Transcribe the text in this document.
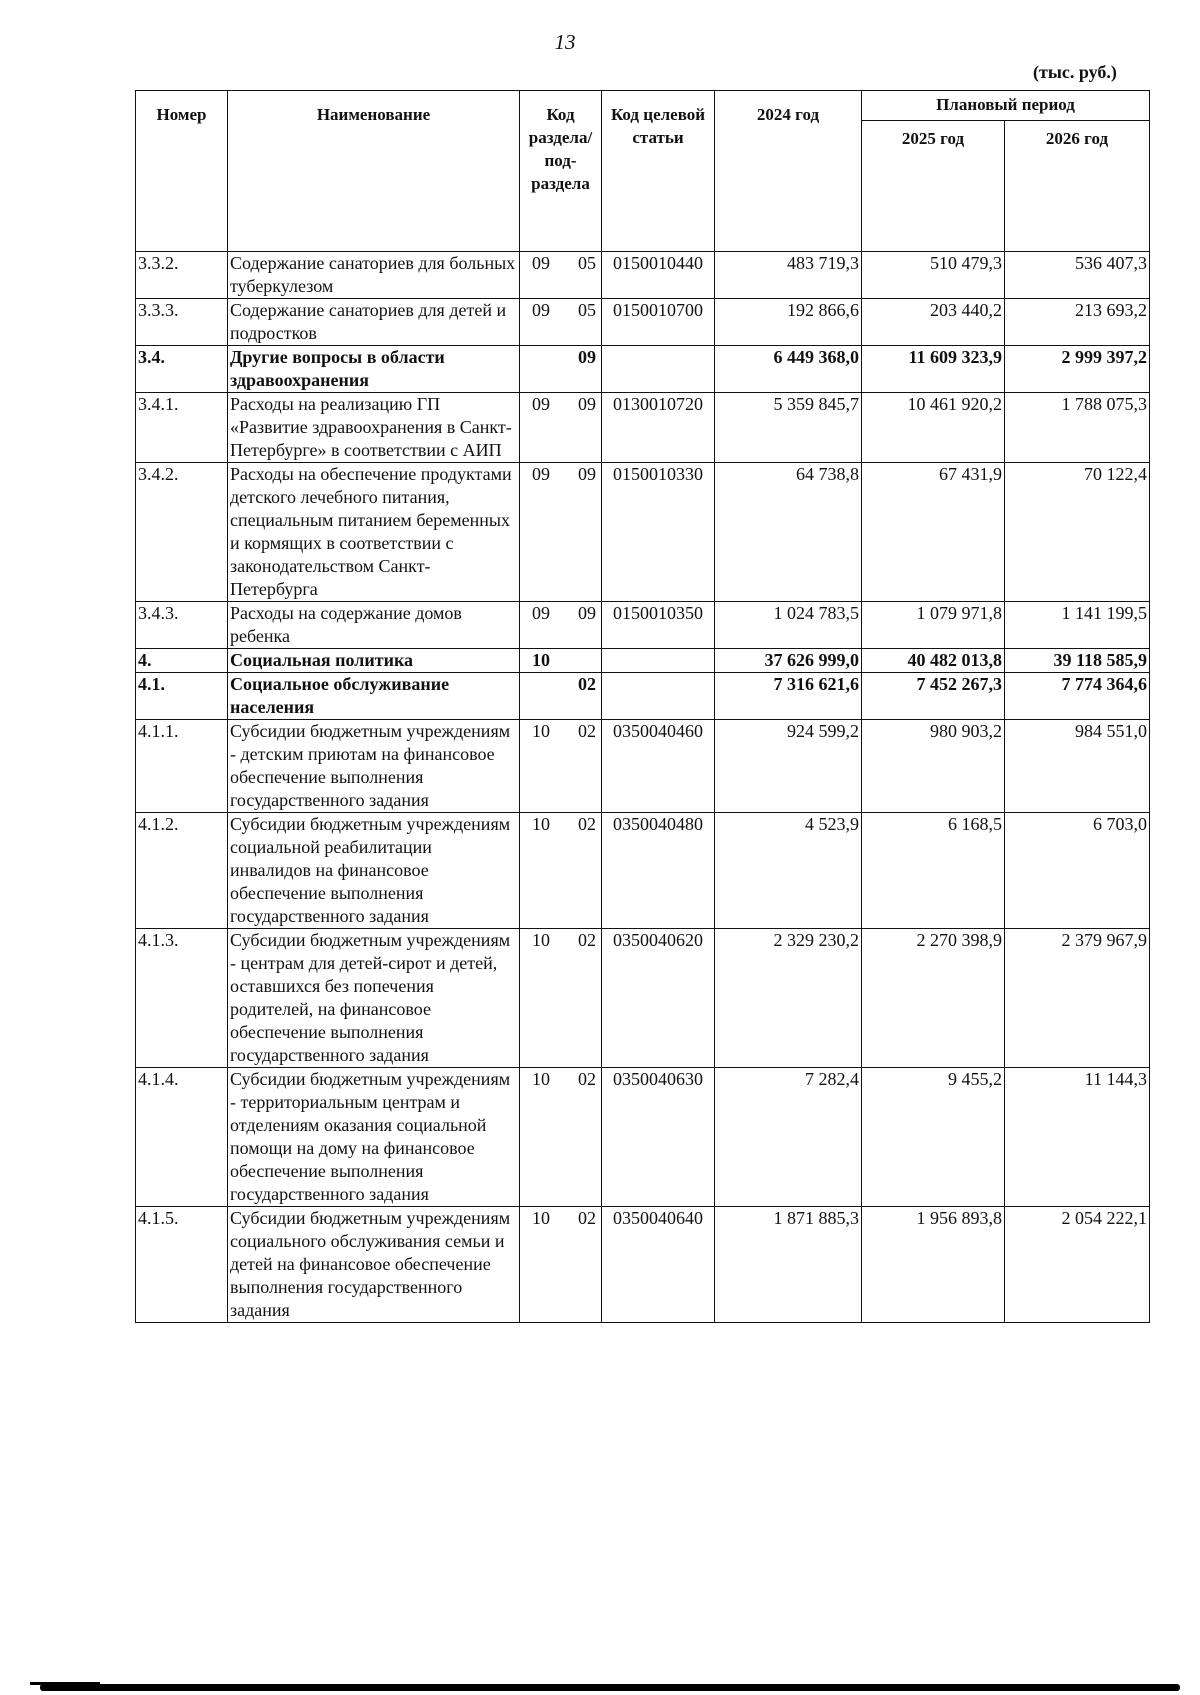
13
(тыс. руб.)
Номер	Наименование	Код раздела/ под-раздела	Код целевой статьи	2024 год	Плановый период	
					2025 год	2026 год
3.3.2.	Содержание санаториев для больных туберкулезом	09 05	0150010440	483 719,3	510 479,3	536 407,3
3.3.3.	Содержание санаториев для детей и подростков	09 05	0150010700	192 866,6	203 440,2	213 693,2
3.4.	Другие вопросы в области здравоохранения	09		6 449 368,0	11 609 323,9	2 999 397,2
3.4.1.	Расходы на реализацию ГП «Развитие здравоохранения в Санкт-Петербурге» в соответствии с АИП	09 09	0130010720	5 359 845,7	10 461 920,2	1 788 075,3
3.4.2.	Расходы на обеспечение продуктами детского лечебного питания, специальным питанием беременных и кормящих в соответствии с законодательством Санкт-Петербурга	09 09	0150010330	64 738,8	67 431,9	70 122,4
3.4.3.	Расходы на содержание домов ребенка	09 09	0150010350	1 024 783,5	1 079 971,8	1 141 199,5
4.	Социальная политика	10		37 626 999,0	40 482 013,8	39 118 585,9
4.1.	Социальное обслуживание населения	02		7 316 621,6	7 452 267,3	7 774 364,6
4.1.1.	Субсидии бюджетным учреждениям - детским приютам на финансовое обеспечение выполнения государственного задания	10 02	0350040460	924 599,2	980 903,2	984 551,0
4.1.2.	Субсидии бюджетным учреждениям социальной реабилитации инвалидов на финансовое обеспечение выполнения государственного задания	10 02	0350040480	4 523,9	6 168,5	6 703,0
4.1.3.	Субсидии бюджетным учреждениям - центрам для детей-сирот и детей, оставшихся без попечения родителей, на финансовое обеспечение выполнения государственного задания	10 02	0350040620	2 329 230,2	2 270 398,9	2 379 967,9
4.1.4.	Субсидии бюджетным учреждениям - территориальным центрам и отделениям оказания социальной помощи на дому на финансовое обеспечение выполнения государственного задания	10 02	0350040630	7 282,4	9 455,2	11 144,3
4.1.5.	Субсидии бюджетным учреждениям социального обслуживания семьи и детей на финансовое обеспечение выполнения государственного задания	10 02	0350040640	1 871 885,3	1 956 893,8	2 054 222,1
